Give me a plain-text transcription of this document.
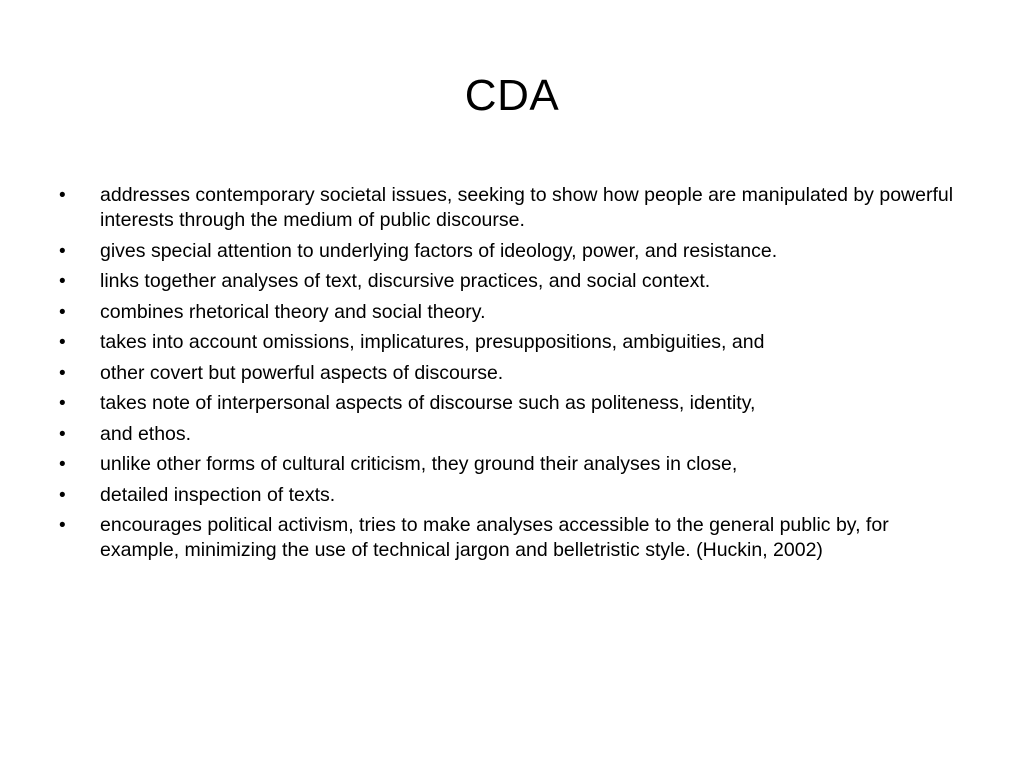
CDA
• addresses contemporary societal issues, seeking to show how people are manipulated by powerful interests through the medium of public discourse.
• gives special attention to underlying factors of ideology, power, and resistance.
• links together analyses of text, discursive practices, and social context.
• combines rhetorical theory and social theory.
• takes into account omissions, implicatures, presuppositions, ambiguities, and
• other covert but powerful aspects of discourse.
• takes note of interpersonal aspects of discourse such as politeness, identity,
• and ethos.
• unlike other forms of cultural criticism, they ground their analyses in close,
• detailed inspection of texts.
• encourages political activism, tries to make analyses accessible to the general public by, for example, minimizing the use of technical jargon and belletristic style. (Huckin, 2002)
